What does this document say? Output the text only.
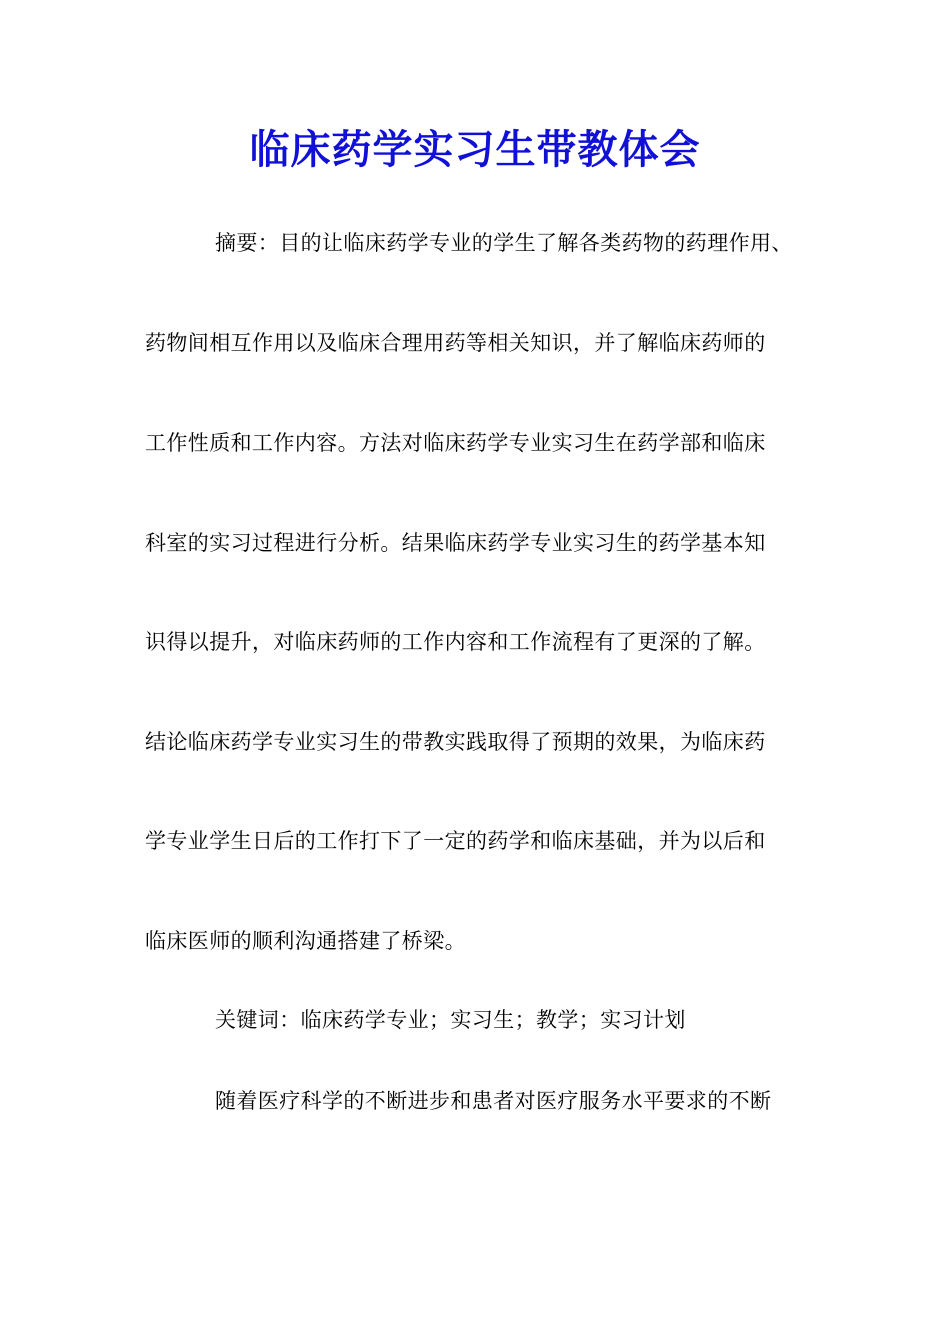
临床药学实习生带教体会
摘要：目的让临床药学专业的学生了解各类药物的药理作用、
药物间相互作用以及临床合理用药等相关知识，并了解临床药师的
工作性质和工作内容。方法对临床药学专业实习生在药学部和临床
科室的实习过程进行分析。结果临床药学专业实习生的药学基本知
识得以提升，对临床药师的工作内容和工作流程有了更深的了解。
结论临床药学专业实习生的带教实践取得了预期的效果，为临床药
学专业学生日后的工作打下了一定的药学和临床基础，并为以后和
临床医师的顺利沟通搭建了桥梁。
关键词：临床药学专业；实习生；教学；实习计划
随着医疗科学的不断进步和患者对医疗服务水平要求的不断
